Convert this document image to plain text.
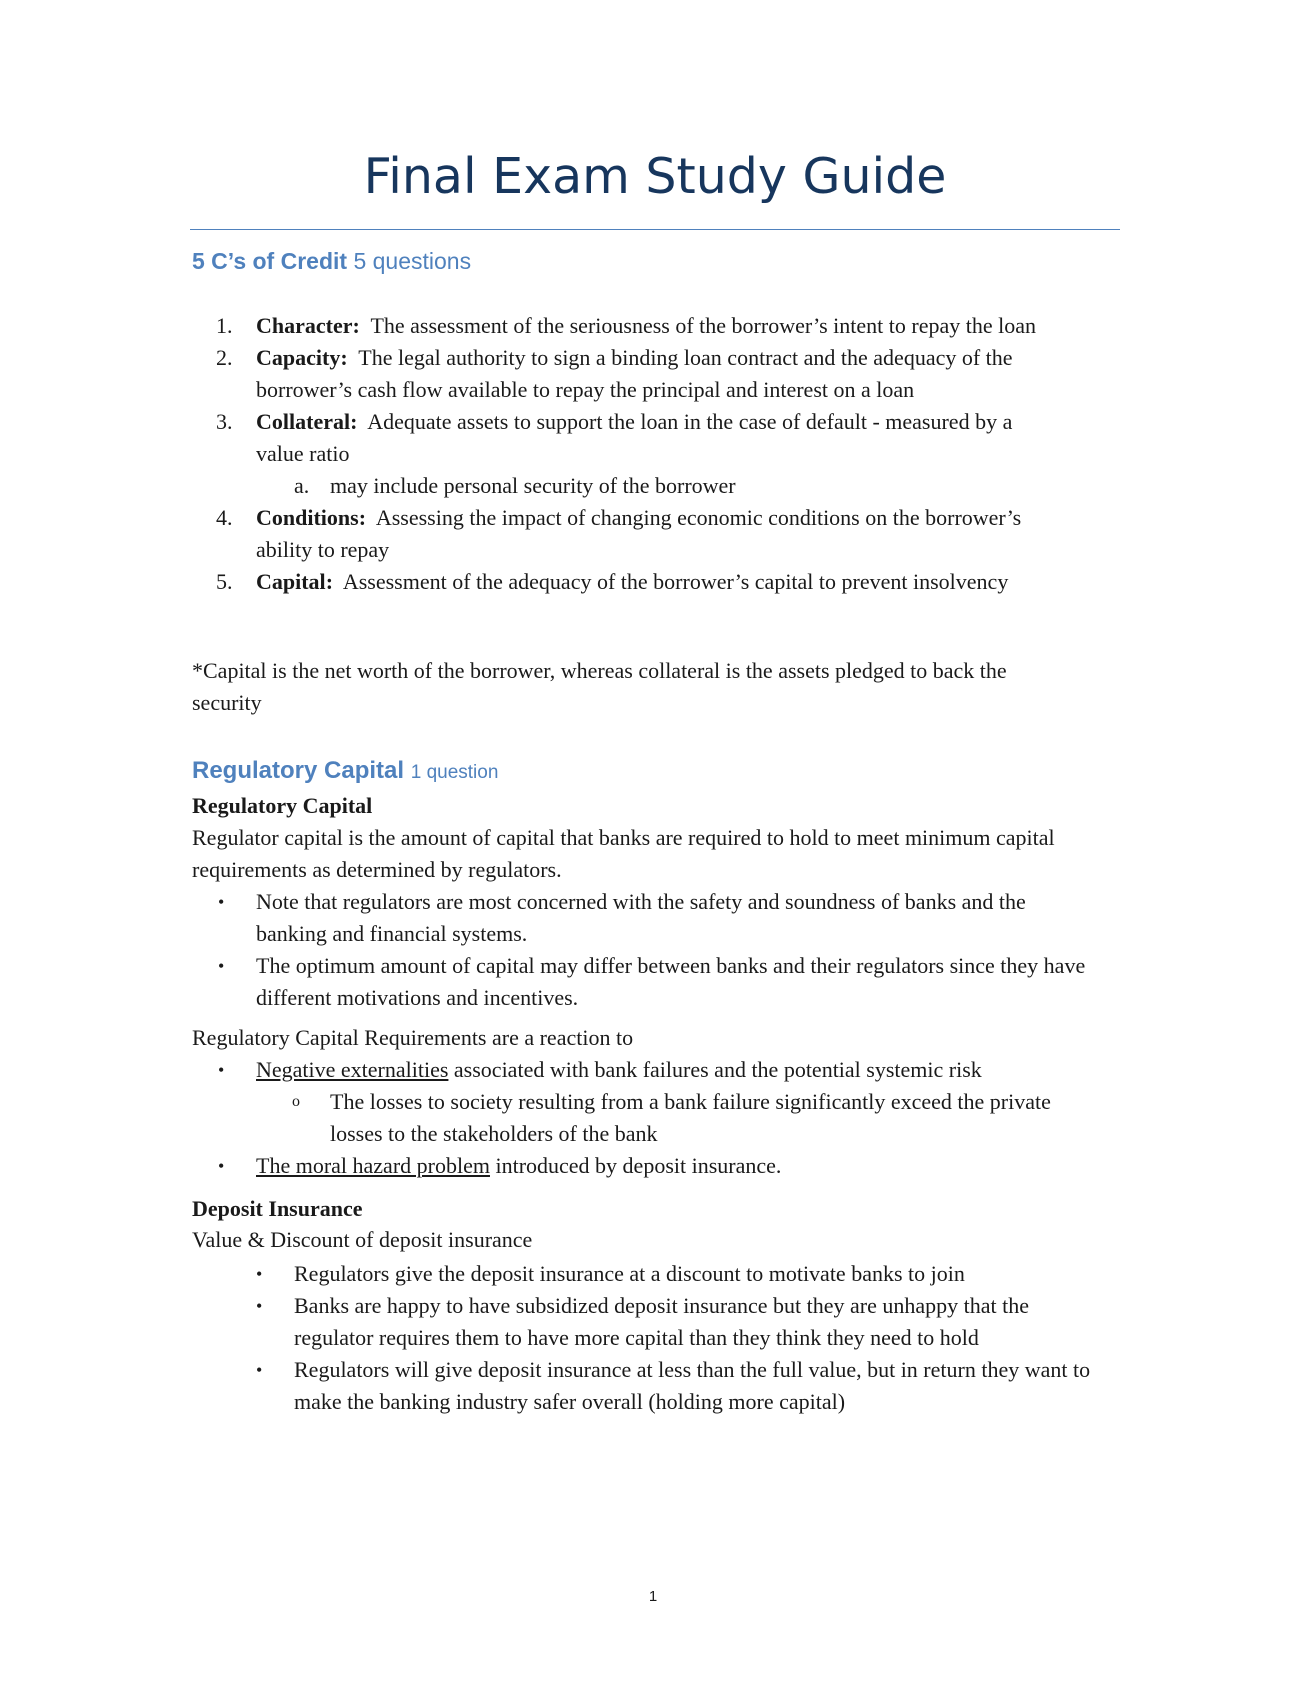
Final Exam Study Guide
5 C’s of Credit 5 questions
1. Character: The assessment of the seriousness of the borrower’s intent to repay the loan
2. Capacity: The legal authority to sign a binding loan contract and the adequacy of the borrower’s cash flow available to repay the principal and interest on a loan
3. Collateral: Adequate assets to support the loan in the case of default - measured by a value ratio
a. may include personal security of the borrower
4. Conditions: Assessing the impact of changing economic conditions on the borrower’s ability to repay
5. Capital: Assessment of the adequacy of the borrower’s capital to prevent insolvency

*Capital is the net worth of the borrower, whereas collateral is the assets pledged to back the security

Regulatory Capital 1 question
Regulatory Capital

Regulator capital is the amount of capital that banks are required to hold to meet minimum capital requirements as determined by regulators.

• Note that regulators are most concerned with the safety and soundness of banks and the banking and financial systems.
• The optimum amount of capital may differ between banks and their regulators since they have different motivations and incentives.

Regulatory Capital Requirements are a reaction to

• Negative externalities associated with bank failures and the potential systemic risk
o The losses to society resulting from a bank failure significantly exceed the private losses to the stakeholders of the bank
• The moral hazard problem introduced by deposit insurance.
Deposit Insurance

Value & Discount of deposit insurance

• Regulators give the deposit insurance at a discount to motivate banks to join
• Banks are happy to have subsidized deposit insurance but they are unhappy that the regulator requires them to have more capital than they think they need to hold
• Regulators will give deposit insurance at less than the full value, but in return they want to make the banking industry safer overall (holding more capital)
1
